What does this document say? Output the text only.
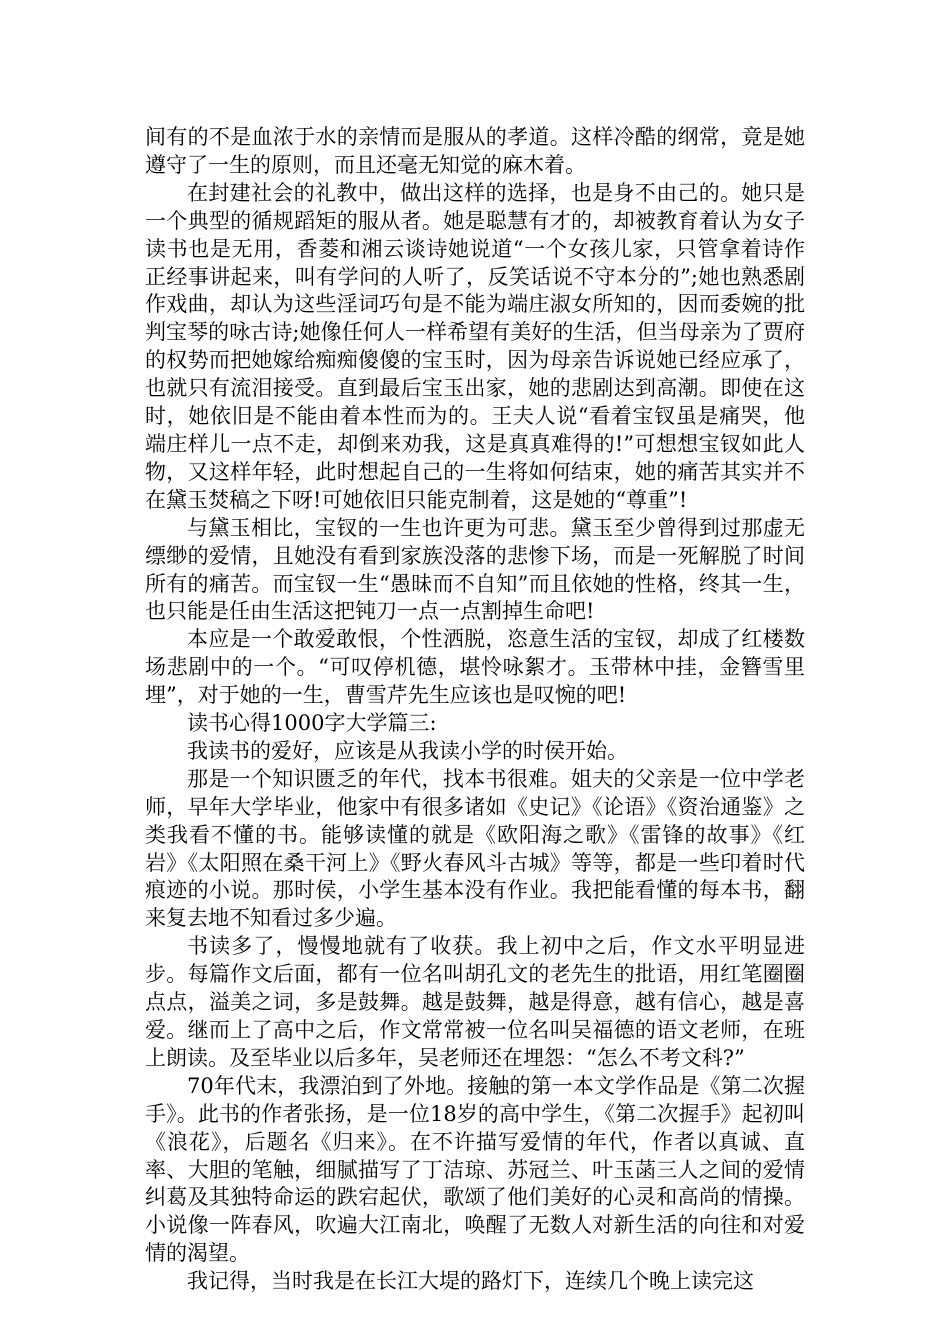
间有的不是血浓于水的亲情而是服从的孝道。这样冷酷的纲常，竟是她遵守了一生的原则，而且还毫无知觉的麻木着。

在封建社会的礼教中，做出这样的选择，也是身不由己的。她只是一个典型的循规蹈矩的服从者。她是聪慧有才的，却被教育着认为女子读书也是无用，香菱和湘云谈诗她说道“一个女孩儿家，只管拿着诗作正经事讲起来，叫有学问的人听了，反笑话说不守本分的”;她也熟悉剧作戏曲，却认为这些淫词巧句是不能为端庄淑女所知的，因而委婉的批判宝琴的咏古诗;她像任何人一样希望有美好的生活，但当母亲为了贾府的权势而把她嫁给痴痴傻傻的宝玉时，因为母亲告诉说她已经应承了，也就只有流泪接受。直到最后宝玉出家，她的悲剧达到高潮。即使在这时，她依旧是不能由着本性而为的。王夫人说“看着宝钗虽是痛哭，他端庄样儿一点不走，却倒来劝我，这是真真难得的!”可想想宝钗如此人物，又这样年轻，此时想起自己的一生将如何结束，她的痛苦其实并不在黛玉焚稿之下呀!可她依旧只能克制着，这是她的“尊重”!

与黛玉相比，宝钗的一生也许更为可悲。黛玉至少曾得到过那虚无缥缈的爱情，且她没有看到家族没落的悲惨下场，而是一死解脱了时间所有的痛苦。而宝钗一生“愚昧而不自知”而且依她的性格，终其一生，也只能是任由生活这把钝刀一点一点割掉生命吧!

本应是一个敢爱敢恨，个性洒脱，恣意生活的宝钗，却成了红楼数场悲剧中的一个。“可叹停机德，堪怜咏絮才。玉带林中挂，金簪雪里埋”，对于她的一生，曹雪芹先生应该也是叹惋的吧!

读书心得1000字大学篇三:

我读书的爱好，应该是从我读小学的时侯开始。

那是一个知识匮乏的年代，找本书很难。姐夫的父亲是一位中学老师，早年大学毕业，他家中有很多诸如《史记》《论语》《资治通鉴》之类我看不懂的书。能够读懂的就是《欧阳海之歌》《雷锋的故事》《红岩》《太阳照在桑干河上》《野火春风斗古城》等等，都是一些印着时代痕迹的小说。那时侯，小学生基本没有作业。我把能看懂的每本书，翻来复去地不知看过多少遍。

书读多了，慢慢地就有了收获。我上初中之后，作文水平明显进步。每篇作文后面，都有一位名叫胡孔文的老先生的批语，用红笔圈圈点点，溢美之词，多是鼓舞。越是鼓舞，越是得意，越有信心，越是喜爱。继而上了高中之后，作文常常被一位名叫吴福德的语文老师，在班上朗读。及至毕业以后多年，吴老师还在埋怨：“怎么不考文科?”

70年代末，我漂泊到了外地。接触的第一本文学作品是《第二次握手》。此书的作者张扬，是一位18岁的高中学生，《第二次握手》起初叫《浪花》，后题名《归来》。在不许描写爱情的年代，作者以真诚、直率、大胆的笔触，细腻描写了丁洁琼、苏冠兰、叶玉菡三人之间的爱情纠葛及其独特命运的跌宕起伏，歌颂了他们美好的心灵和高尚的情操。小说像一阵春风，吹遍大江南北，唤醒了无数人对新生活的向往和对爱情的渴望。

我记得，当时我是在长江大堤的路灯下，连续几个晚上读完这
